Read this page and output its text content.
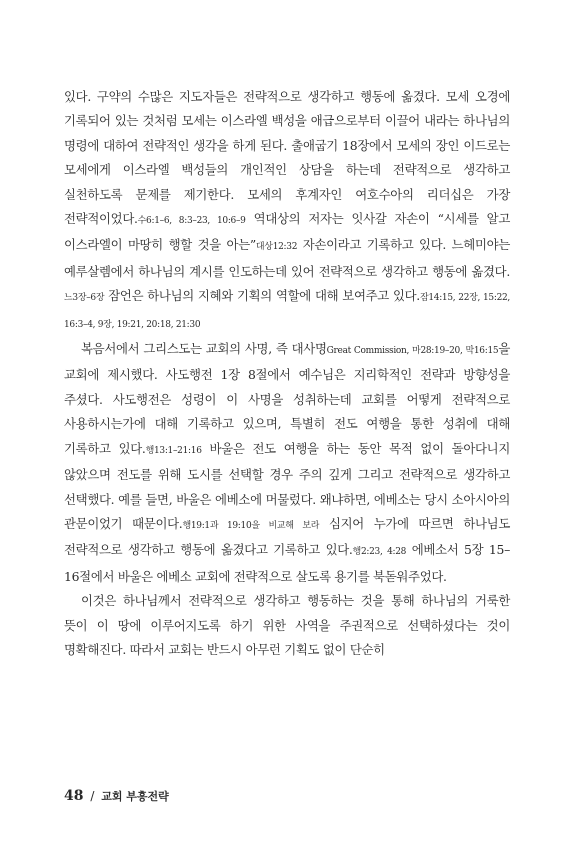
있다. 구약의 수많은 지도자들은 전략적으로 생각하고 행동에 옮겼다. 모세 오경에 기록되어 있는 것처럼 모세는 이스라엘 백성을 애급으로부터 이끌어 내라는 하나님의 명령에 대하여 전략적인 생각을 하게 된다. 출애굽기 18장에서 모세의 장인 이드로는 모세에게 이스라엘 백성들의 개인적인 상담을 하는데 전략적으로 생각하고 실천하도록 문제를 제기한다. 모세의 후계자인 여호수아의 리더십은 가장 전략적이었다.수6:1–6, 8:3–23, 10:6–9 역대상의 저자는 잇사갈 자손이 “시세를 알고 이스라엘이 마땅히 행할 것을 아는”대상12:32 자손이라고 기록하고 있다. 느헤미야는 예루살렘에서 하나님의 계시를 인도하는데 있어 전략적으로 생각하고 행동에 옮겼다.느3장–6장 잠언은 하나님의 지혜와 기획의 역할에 대해 보여주고 있다.잠14:15, 22장, 15:22, 16:3–4, 9장, 19:21, 20:18, 21:30

복음서에서 그리스도는 교회의 사명, 즉 대사명Great Commission, 마28:19–20, 막16:15을 교회에 제시했다. 사도행전 1장 8절에서 예수님은 지리학적인 전략과 방향성을 주셨다. 사도행전은 성령이 이 사명을 성취하는데 교회를 어떻게 전략적으로 사용하시는가에 대해 기록하고 있으며, 특별히 전도 여행을 통한 성취에 대해 기록하고 있다.행13:1–21:16 바울은 전도 여행을 하는 동안 목적 없이 돌아다니지 않았으며 전도를 위해 도시를 선택할 경우 주의 깊게 그리고 전략적으로 생각하고 선택했다. 예를 들면, 바울은 에베소에 머물렀다. 왜냐하면, 에베소는 당시 소아시아의 관문이었기 때문이다.행19:1과 19:10을 비교해 보라 심지어 누가에 따르면 하나님도 전략적으로 생각하고 행동에 옮겼다고 기록하고 있다.행2:23, 4:28 에베소서 5장 15–16절에서 바울은 에베소 교회에 전략적으로 살도록 용기를 북돋워주었다.

이것은 하나님께서 전략적으로 생각하고 행동하는 것을 통해 하나님의 거룩한 뜻이 이 땅에 이루어지도록 하기 위한 사역을 주권적으로 선택하셨다는 것이 명확해진다. 따라서 교회는 반드시 아무런 기획도 없이 단순히

48 / 교회 부흥전략
